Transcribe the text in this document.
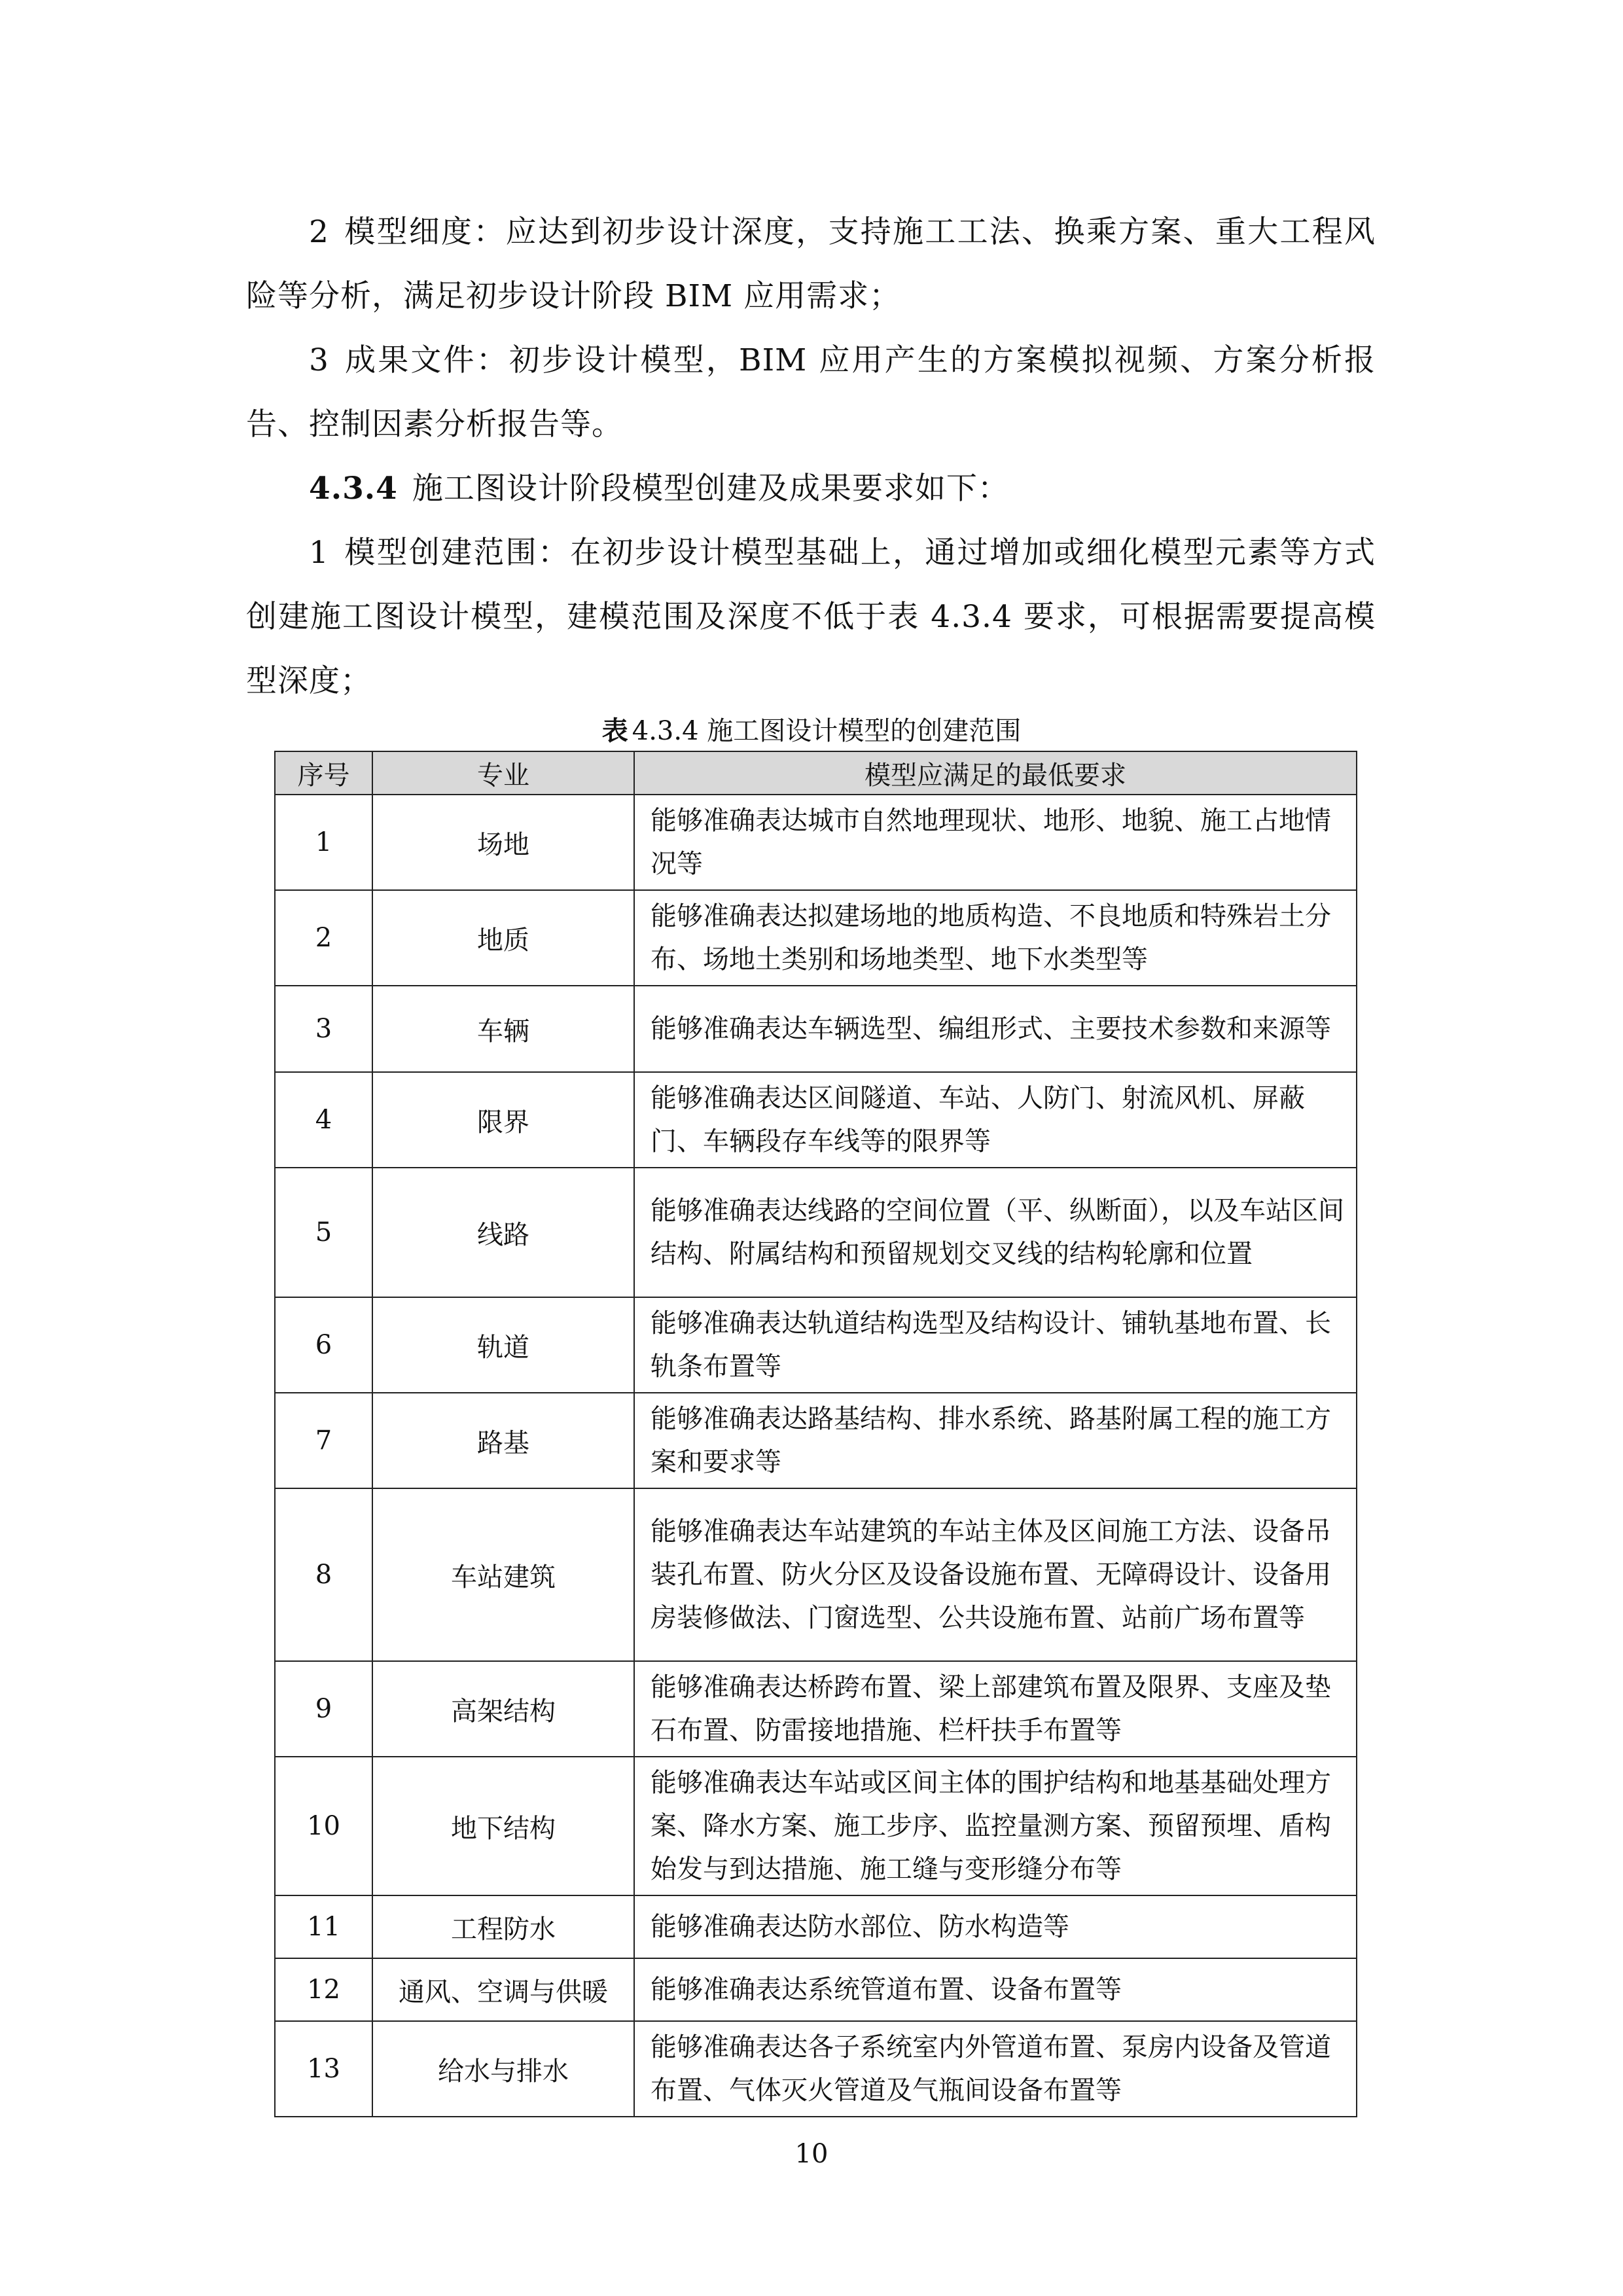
2 模型细度：应达到初步设计深度，支持施工工法、换乘方案、重大工程风险等分析，满足初步设计阶段 BIM 应用需求；

3 成果文件：初步设计模型，BIM 应用产生的方案模拟视频、方案分析报告、控制因素分析报告等。

4.3.4 施工图设计阶段模型创建及成果要求如下：

1 模型创建范围：在初步设计模型基础上，通过增加或细化模型元素等方式创建施工图设计模型，建模范围及深度不低于表 4.3.4 要求，可根据需要提高模型深度；

表 4.3.4 施工图设计模型的创建范围
序号	专业	模型应满足的最低要求
1	场地	能够准确表达城市自然地理现状、地形、地貌、施工占地情况等
2	地质	能够准确表达拟建场地的地质构造、不良地质和特殊岩土分布、场地土类别和场地类型、地下水类型等
3	车辆	能够准确表达车辆选型、编组形式、主要技术参数和来源等
4	限界	能够准确表达区间隧道、车站、人防门、射流风机、屏蔽门、车辆段存车线等的限界等
5	线路	能够准确表达线路的空间位置（平、纵断面），以及车站区间结构、附属结构和预留规划交叉线的结构轮廓和位置
6	轨道	能够准确表达轨道结构选型及结构设计、铺轨基地布置、长轨条布置等
7	路基	能够准确表达路基结构、排水系统、路基附属工程的施工方案和要求等
8	车站建筑	能够准确表达车站建筑的车站主体及区间施工方法、设备吊装孔布置、防火分区及设备设施布置、无障碍设计、设备用房装修做法、门窗选型、公共设施布置、站前广场布置等
9	高架结构	能够准确表达桥跨布置、梁上部建筑布置及限界、支座及垫石布置、防雷接地措施、栏杆扶手布置等
10	地下结构	能够准确表达车站或区间主体的围护结构和地基基础处理方案、降水方案、施工步序、监控量测方案、预留预埋、盾构始发与到达措施、施工缝与变形缝分布等
11	工程防水	能够准确表达防水部位、防水构造等
12	通风、空调与供暖	能够准确表达系统管道布置、设备布置等
13	给水与排水	能够准确表达各子系统室内外管道布置、泵房内设备及管道布置、气体灭火管道及气瓶间设备布置等
10
